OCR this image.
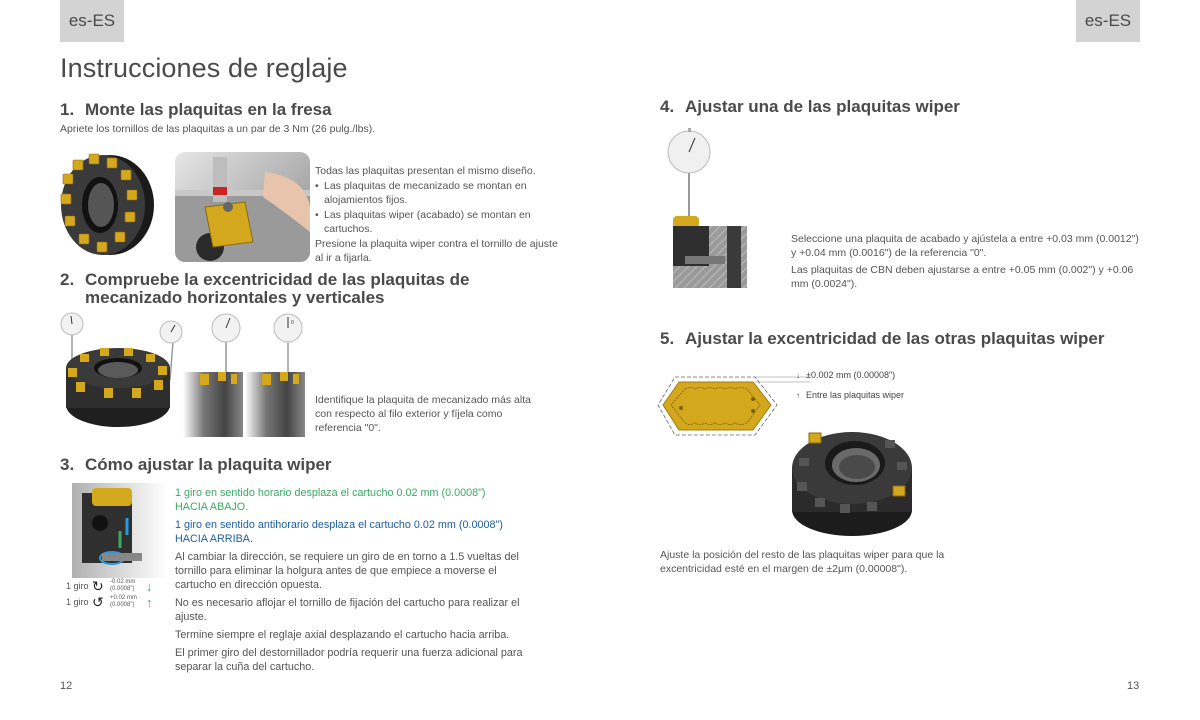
es-ES
Instrucciones de reglaje
1. Monte las plaquitas en la fresa
Apriete los tornillos de las plaquitas a un par de 3 Nm (26 pulg./lbs).

Todas las plaquitas presentan el mismo diseño.

• Las plaquitas de mecanizado se montan en alojamientos fijos.
• Las plaquitas wiper (acabado) se montan en cartuchos.

Presione la plaquita wiper contra el tornillo de ajuste al ir a fijarla.

2. Compruebe la excentricidad de las plaquitas de
mecanizado horizontales y verticales
0
Identifique la plaquita de mecanizado más alta con respecto al filo exterior y fíjela como referencia "0".
3. Cómo ajustar la plaquita wiper
1 giro ↻	-0.02 mm
(0.0008") ↓
1 giro ↺	+0.02 mm
(0.0008") ↑

1 giro en sentido horario desplaza el cartucho 0.02 mm (0.0008")
HACIA ABAJO.

1 giro en sentido antihorario desplaza el cartucho 0.02 mm (0.0008")
HACIA ARRIBA.

Al cambiar la dirección, se requiere un giro de en torno a 1.5 vueltas del tornillo para eliminar la holgura antes de que empiece a moverse el cartucho en dirección opuesta.

No es necesario aflojar el tornillo de fijación del cartucho para realizar el ajuste.

Termine siempre el reglaje axial desplazando el cartucho hacia arriba.

El primer giro del destornillador podría requerir una fuerza adicional para separar la cuña del cartucho.

12
es-ES
4. Ajustar una de las plaquitas wiper

Seleccione una plaquita de acabado y ajústela a entre +0.03 mm (0.0012") y +0.04 mm (0.0016") de la referencia "0".

Las plaquitas de CBN deben ajustarse a entre +0.05 mm (0.002") y +0.06 mm (0.0024").

5. Ajustar la excentricidad de las otras plaquitas wiper
↓ ±0.002 mm (0.00008")
↑ Entre las plaquitas wiper
Ajuste la posición del resto de las plaquitas wiper para que la excentricidad esté en el margen de ±2μm (0.00008").
13
